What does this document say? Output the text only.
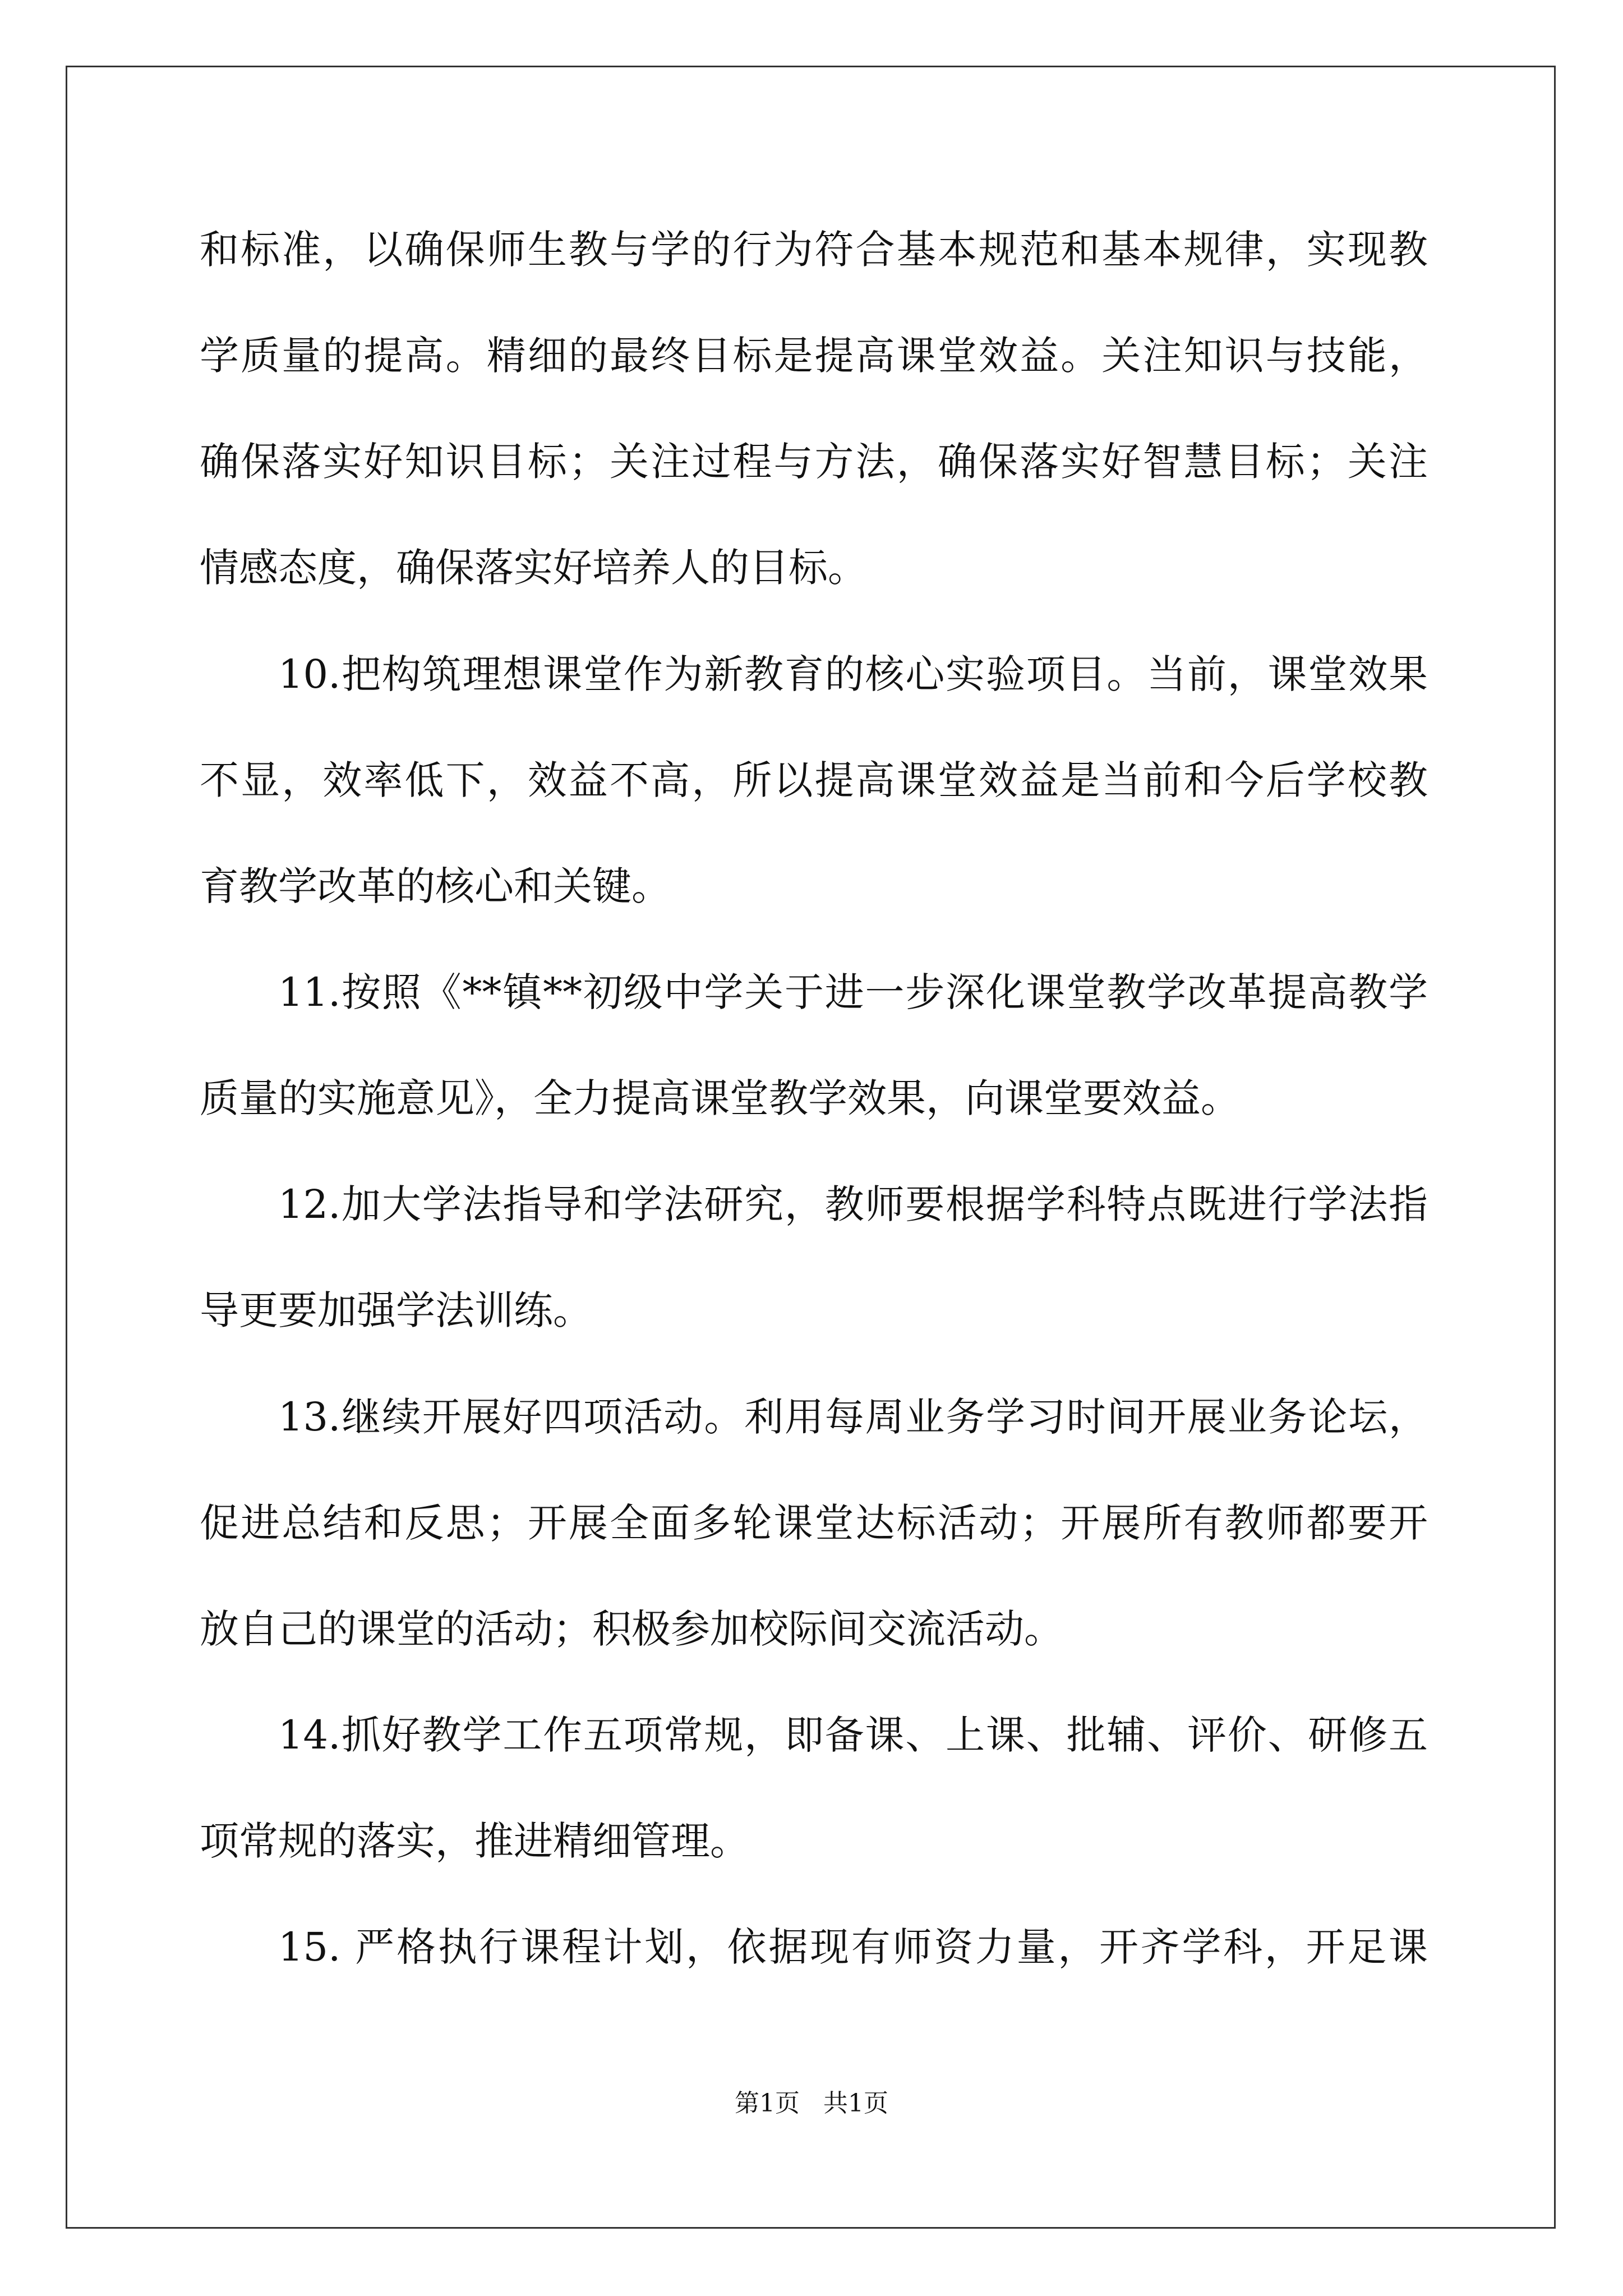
和标准，以确保师生教与学的行为符合基本规范和基本规律，实现教
学质量的提高。精细的最终目标是提高课堂效益。关注知识与技能，
确保落实好知识目标；关注过程与方法，确保落实好智慧目标；关注
情感态度，确保落实好培养人的目标。
10.把构筑理想课堂作为新教育的核心实验项目。当前，课堂效果
不显，效率低下，效益不高，所以提高课堂效益是当前和今后学校教
育教学改革的核心和关键。
11.按照《**镇**初级中学关于进一步深化课堂教学改革提高教学
质量的实施意见》，全力提高课堂教学效果，向课堂要效益。
12.加大学法指导和学法研究，教师要根据学科特点既进行学法指
导更要加强学法训练。
13.继续开展好四项活动。利用每周业务学习时间开展业务论坛，
促进总结和反思；开展全面多轮课堂达标活动；开展所有教师都要开
放自己的课堂的活动；积极参加校际间交流活动。
14.抓好教学工作五项常规，即备课、上课、批辅、评价、研修五
项常规的落实，推进精细管理。
15. 严格执行课程计划，依据现有师资力量，开齐学科，开足课
第1页   共1页
